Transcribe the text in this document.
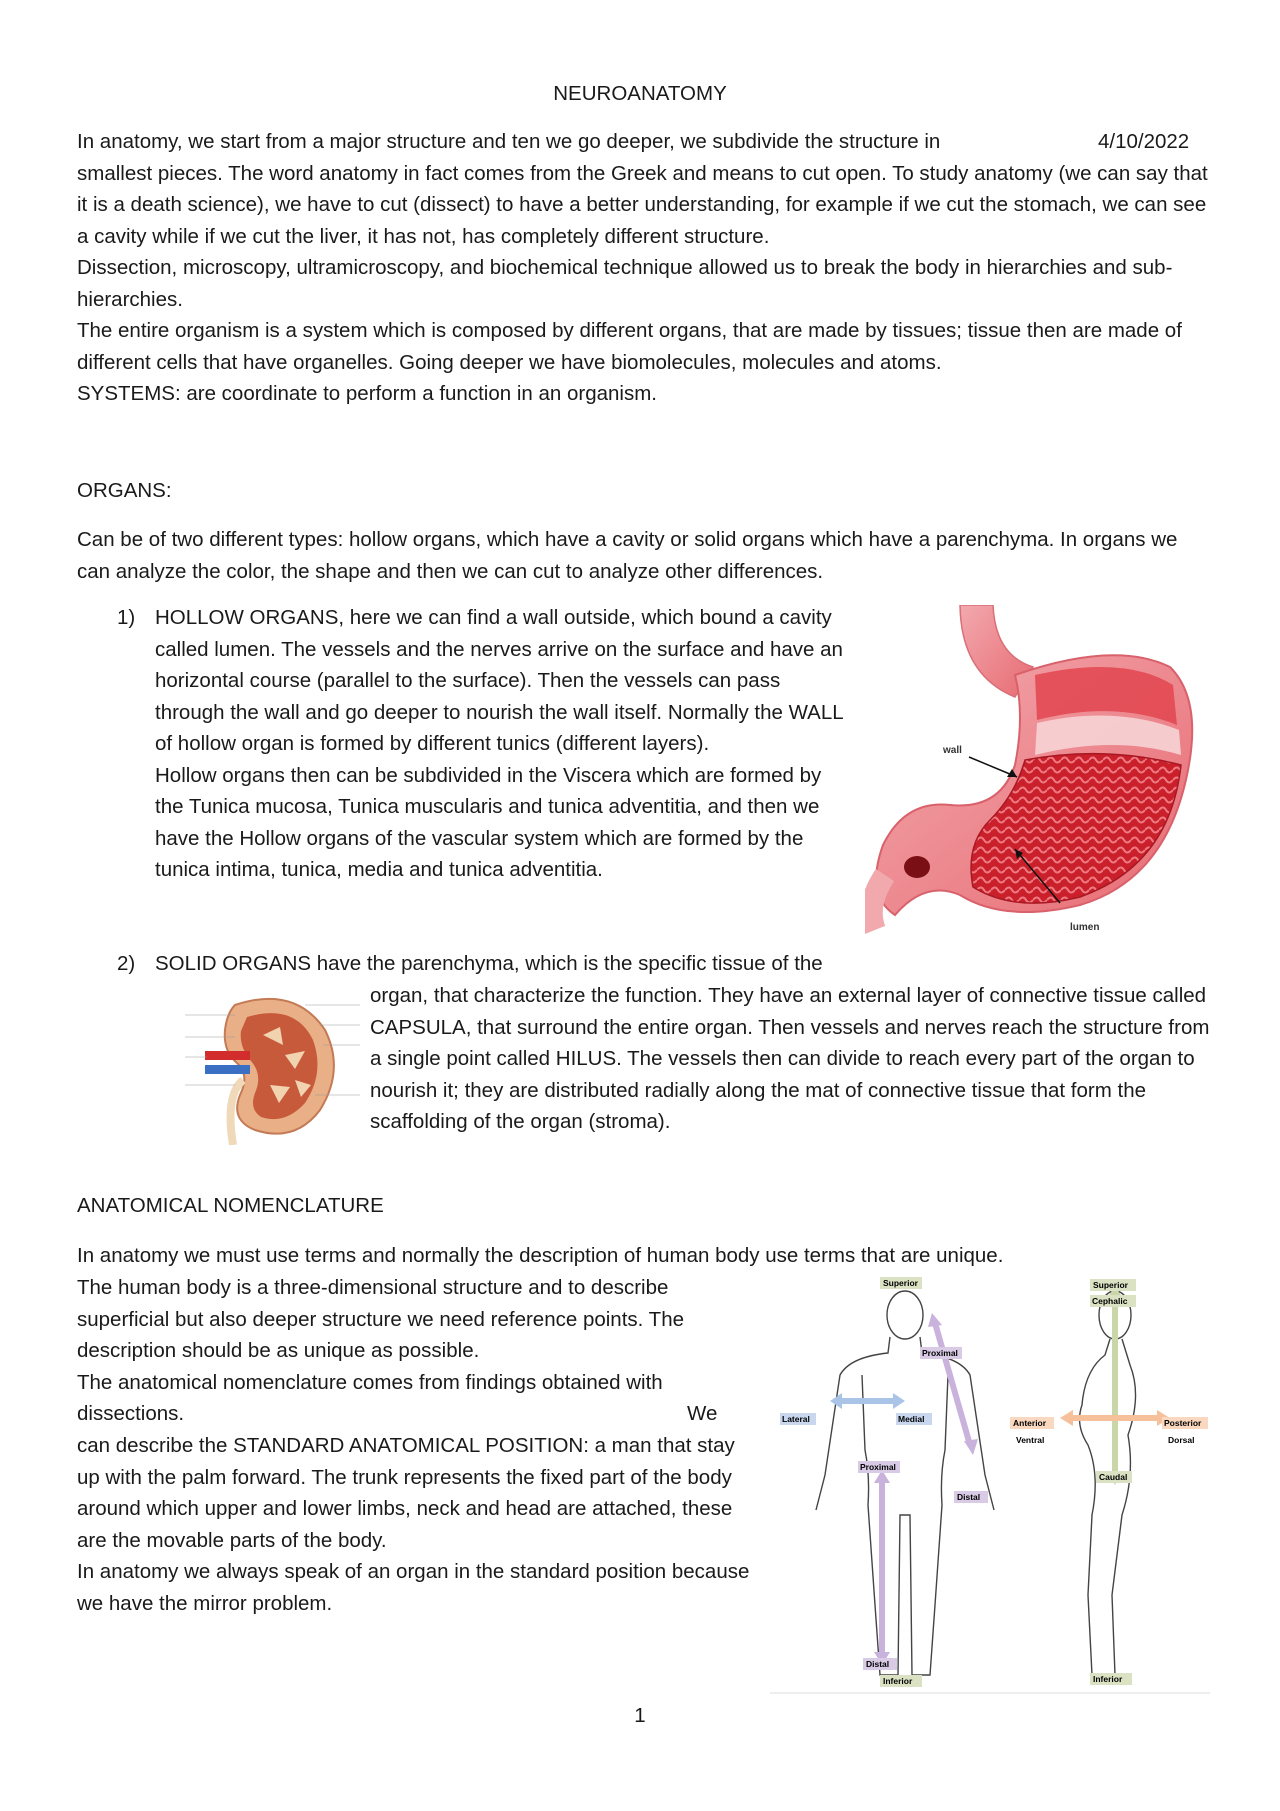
NEUROANATOMY

4/10/2022

In anatomy, we start from a major structure and ten we go deeper, we subdivide the structure in

smallest pieces. The word anatomy in fact comes from the Greek and means to cut open. To study anatomy (we can say that it is a death science), we have to cut (dissect) to have a better understanding, for example if we cut the stomach, we can see a cavity while if we cut the liver, it has not, has completely different structure.

Dissection, microscopy, ultramicroscopy, and biochemical technique allowed us to break the body in hierarchies and sub-hierarchies.

The entire organism is a system which is composed by different organs, that are made by tissues; tissue then are made of different cells that have organelles. Going deeper we have biomolecules, molecules and atoms.

SYSTEMS: are coordinate to perform a function in an organism.

ORGANS:

Can be of two different types: hollow organs, which have a cavity or solid organs which have a parenchyma. In organs we can analyze the color, the shape and then we can cut to analyze other differences.

1) HOLLOW ORGANS, here we can find a wall outside, which bound a cavity called lumen. The vessels and the nerves arrive on the surface and have an horizontal course (parallel to the surface). Then the vessels can pass through the wall and go deeper to nourish the wall itself. Normally the WALL of hollow organ is formed by different tunics (different layers).

Hollow organs then can be subdivided in the Viscera which are formed by the Tunica mucosa, Tunica muscularis and tunica adventitia, and then we have the Hollow organs of the vascular system which are formed by the tunica intima, tunica, media and tunica adventitia.

wall
lumen
2) SOLID ORGANS have the parenchyma, which is the specific tissue of the

organ, that characterize the function. They have an external layer of connective tissue called CAPSULA, that surround the entire organ. Then vessels and nerves reach the structure from a single point called HILUS. The vessels then can divide to reach every part of the organ to nourish it; they are distributed radially along the mat of connective tissue that form the scaffolding of the organ (stroma).

ANATOMICAL NOMENCLATURE

In anatomy we must use terms and normally the description of human body use terms that are unique.

The human body is a three-dimensional structure and to describe superficial but also deeper structure we need reference points. The description should be as unique as possible.

The anatomical nomenclature comes from findings obtained with dissections.	We

can describe the STANDARD ANATOMICAL POSITION: a man that stay up with the palm forward. The trunk represents the fixed part of the body around which upper and lower limbs, neck and head are attached, these are the movable parts of the body.

In anatomy we always speak of an organ in the standard position because we have the mirror problem.

Superior	Superior
Cephalic
Proximal
Lateral	Medial	Anterior
Ventral
Posterior
Dorsal
Proximal
Caudal
Distal
Distal
Inferior	Inferior

1
